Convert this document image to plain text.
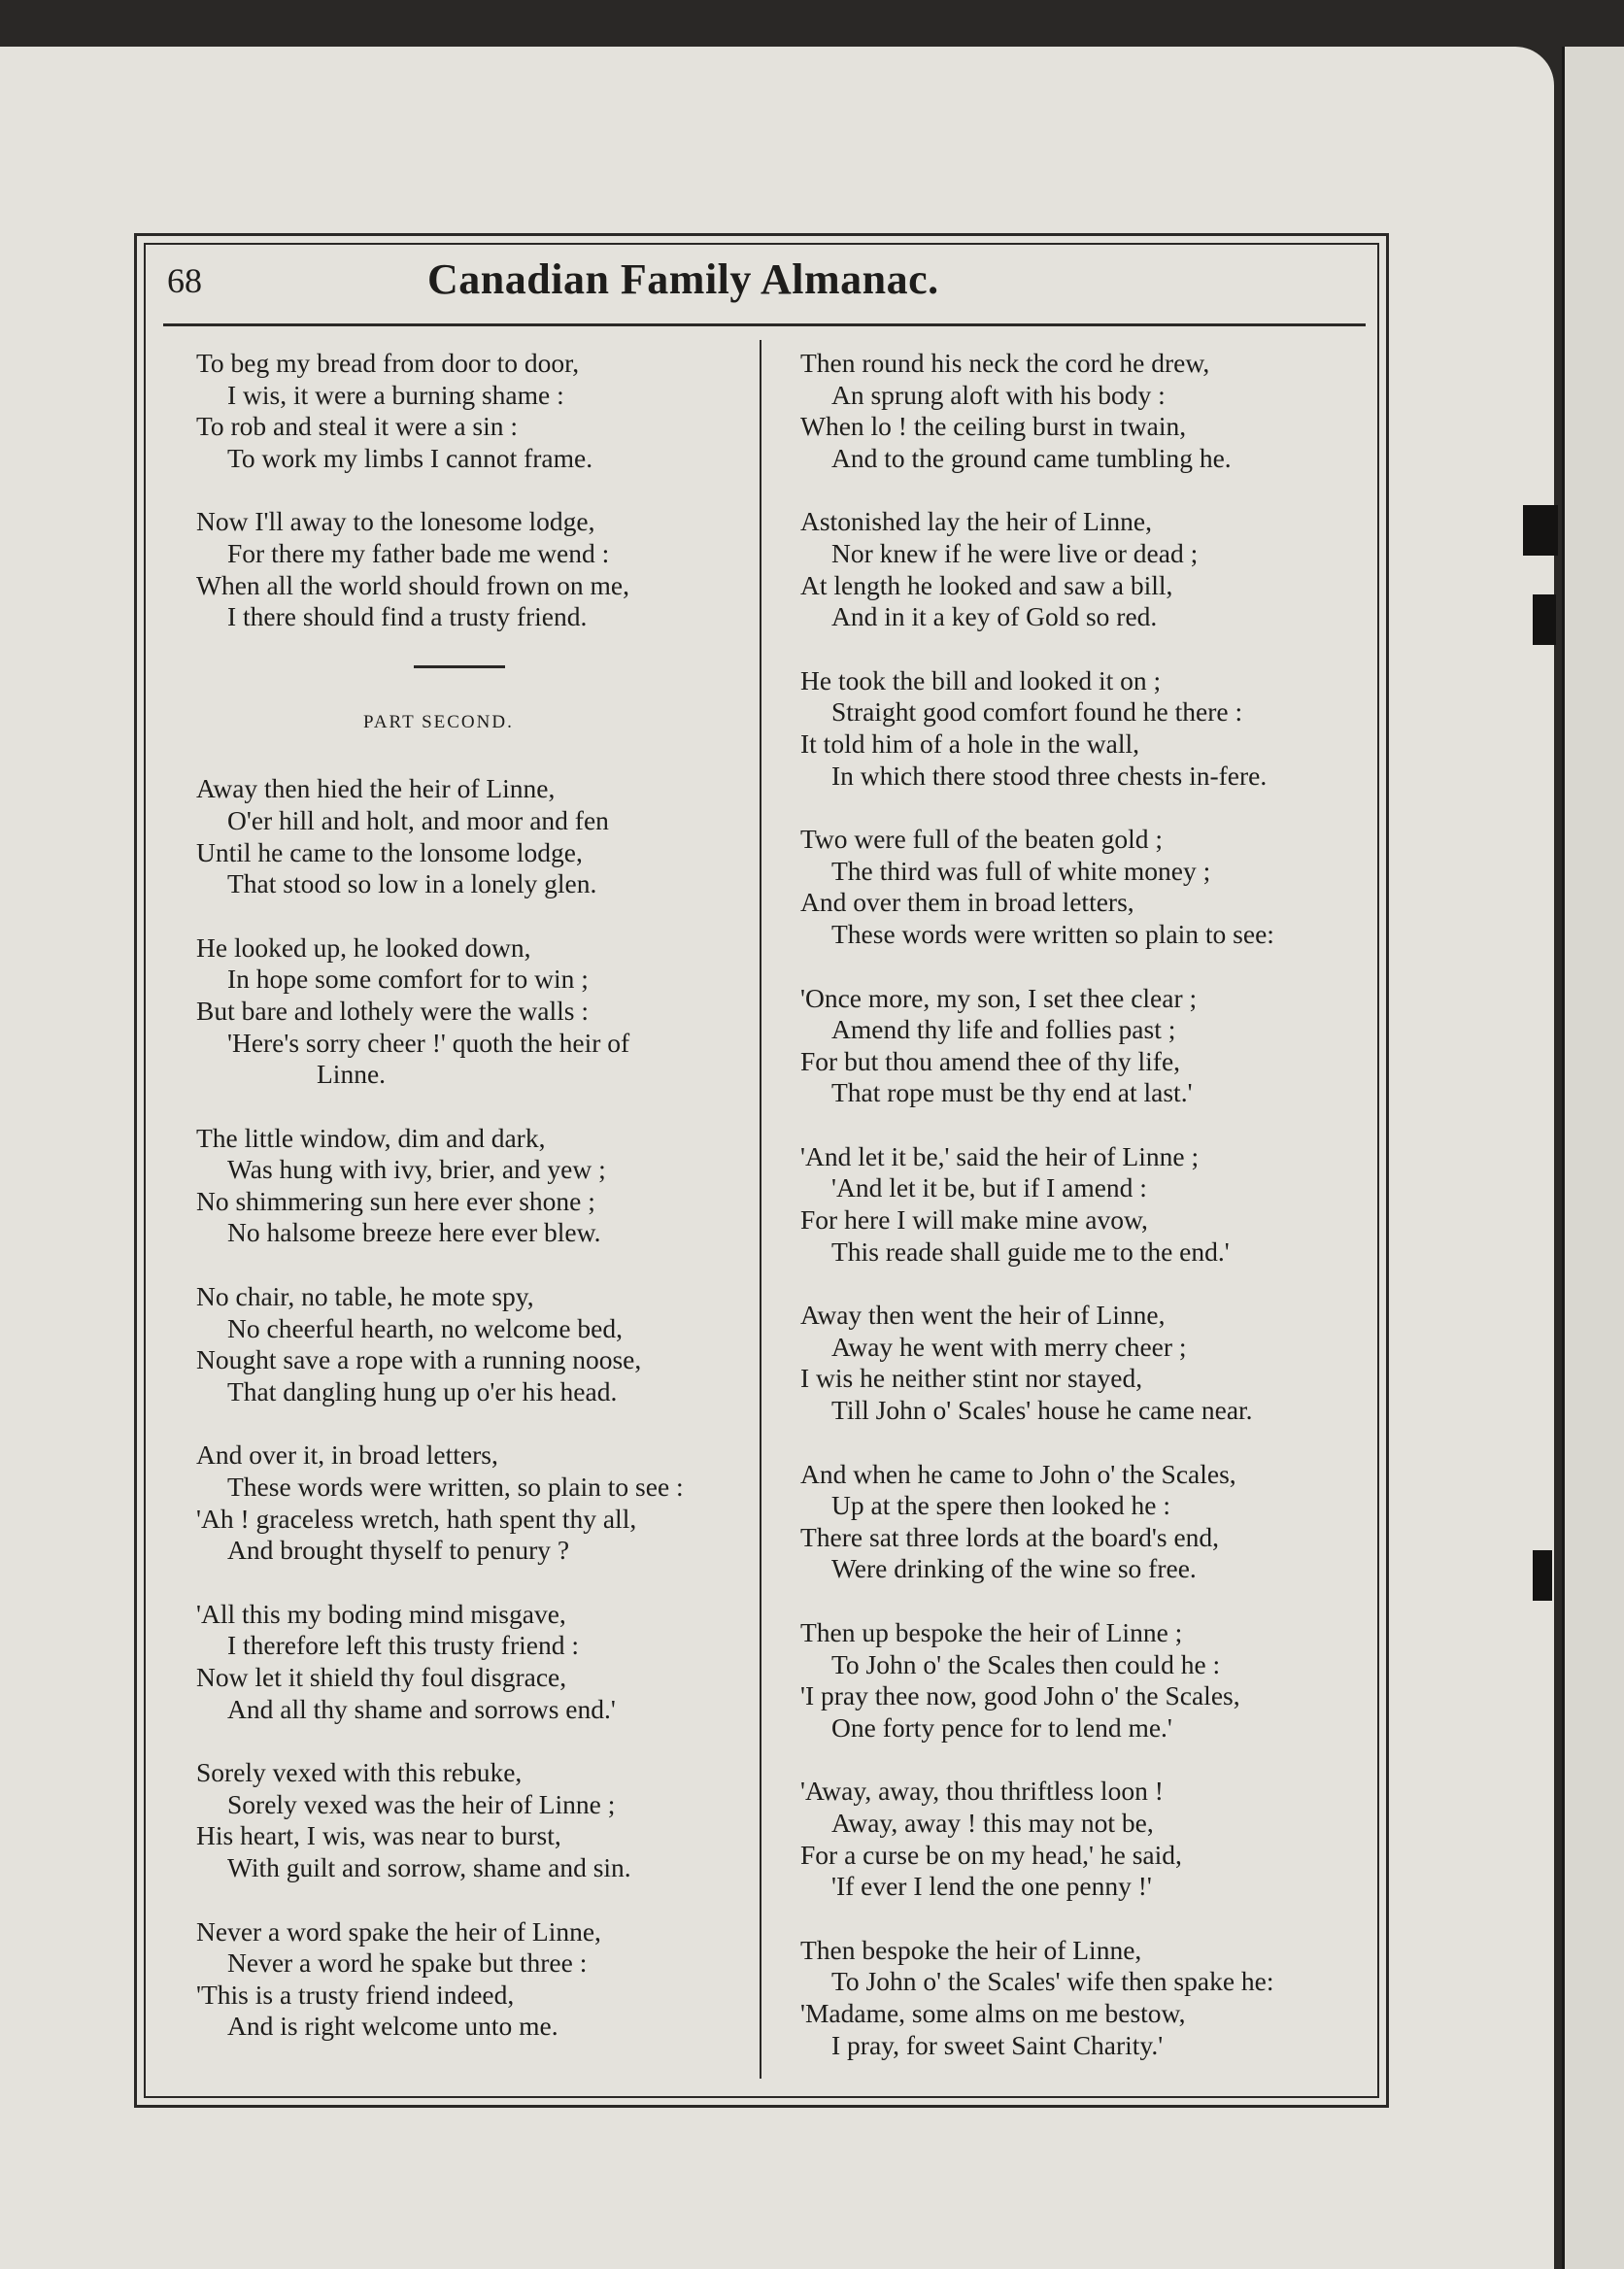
68	Canadian Family Almanac.
To beg my bread from door to door,
I wis, it were a burning shame :
To rob and steal it were a sin :
To work my limbs I cannot frame.
Now I'll away to the lonesome lodge,
For there my father bade me wend :
When all the world should frown on me,
I there should find a trusty friend.
PART SECOND.
Away then hied the heir of Linne,
O'er hill and holt, and moor and fen
Until he came to the lonsome lodge,
That stood so low in a lonely glen.
He looked up, he looked down,
In hope some comfort for to win ;
But bare and lothely were the walls :
'Here's sorry cheer !' quoth the heir of
Linne.
The little window, dim and dark,
Was hung with ivy, brier, and yew ;
No shimmering sun here ever shone ;
No halsome breeze here ever blew.
No chair, no table, he mote spy,
No cheerful hearth, no welcome bed,
Nought save a rope with a running noose,
That dangling hung up o'er his head.
And over it, in broad letters,
These words were written, so plain to see :
'Ah ! graceless wretch, hath spent thy all,
And brought thyself to penury ?
'All this my boding mind misgave,
I therefore left this trusty friend :
Now let it shield thy foul disgrace,
And all thy shame and sorrows end.'
Sorely vexed with this rebuke,
Sorely vexed was the heir of Linne ;
His heart, I wis, was near to burst,
With guilt and sorrow, shame and sin.
Never a word spake the heir of Linne,
Never a word he spake but three :
'This is a trusty friend indeed,
And is right welcome unto me.
Then round his neck the cord he drew,
An sprung aloft with his body :
When lo ! the ceiling burst in twain,
And to the ground came tumbling he.
Astonished lay the heir of Linne,
Nor knew if he were live or dead ;
At length he looked and saw a bill,
And in it a key of Gold so red.
He took the bill and looked it on ;
Straight good comfort found he there :
It told him of a hole in the wall,
In which there stood three chests in-fere.
Two were full of the beaten gold ;
The third was full of white money ;
And over them in broad letters,
These words were written so plain to see:
'Once more, my son, I set thee clear ;
Amend thy life and follies past ;
For but thou amend thee of thy life,
That rope must be thy end at last.'
'And let it be,' said the heir of Linne ;
'And let it be, but if I amend :
For here I will make mine avow,
This reade shall guide me to the end.'
Away then went the heir of Linne,
Away he went with merry cheer ;
I wis he neither stint nor stayed,
Till John o' Scales' house he came near.
And when he came to John o' the Scales,
Up at the spere then looked he :
There sat three lords at the board's end,
Were drinking of the wine so free.
Then up bespoke the heir of Linne ;
To John o' the Scales then could he :
'I pray thee now, good John o' the Scales,
One forty pence for to lend me.'
'Away, away, thou thriftless loon !
Away, away ! this may not be,
For a curse be on my head,' he said,
'If ever I lend the one penny !'
Then bespoke the heir of Linne,
To John o' the Scales' wife then spake he:
'Madame, some alms on me bestow,
I pray, for sweet Saint Charity.'
